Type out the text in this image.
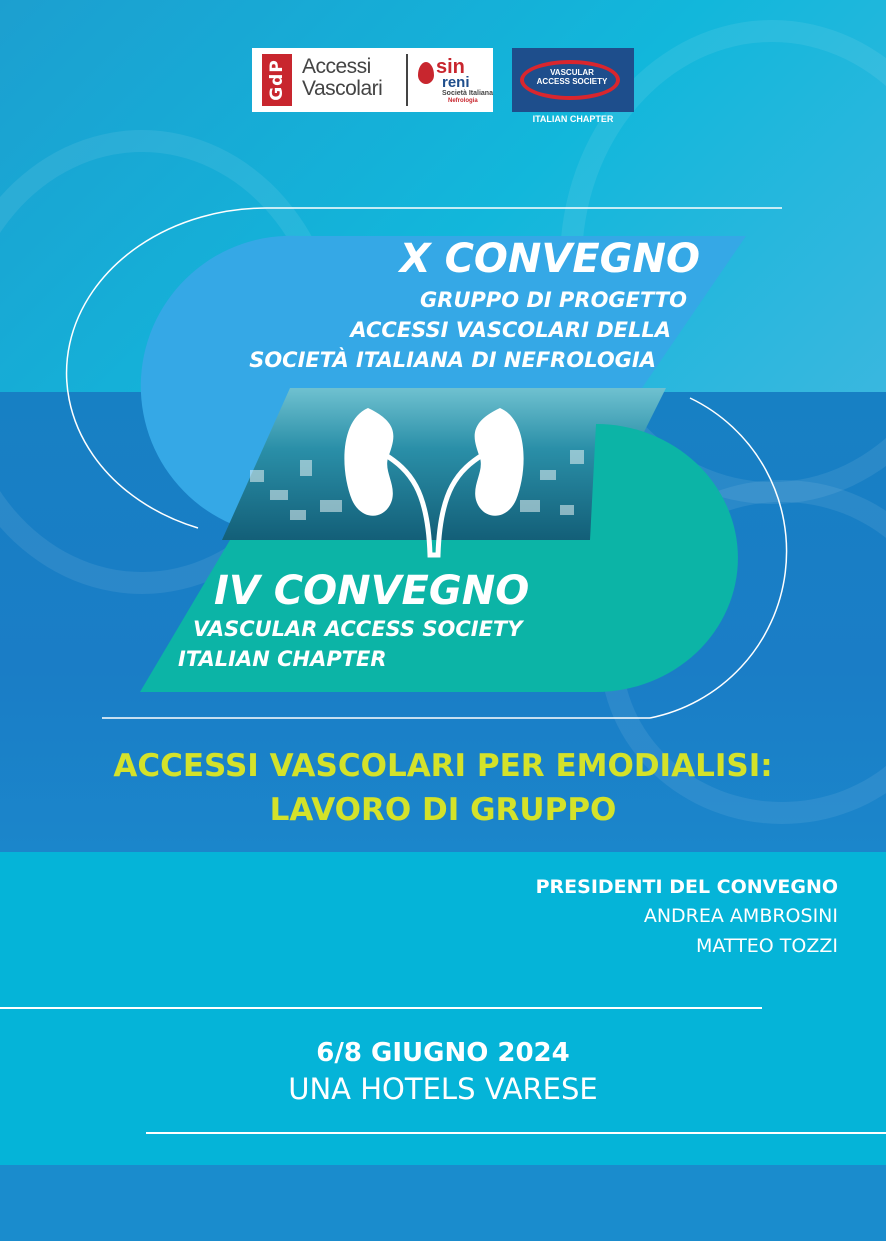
GdP Accessi
Vascolari
sin
reni
Società Italiana
Nefrologia
VASCULAR
ACCESS SOCIETY
ITALIAN CHAPTER
X CONVEGNO
GRUPPO DI PROGETTO
ACCESSI VASCOLARI DELLA
SOCIETÀ ITALIANA DI NEFROLOGIA
IV CONVEGNO
VASCULAR ACCESS SOCIETY
ITALIAN CHAPTER
ACCESSI VASCOLARI PER EMODIALISI:
LAVORO DI GRUPPO
PRESIDENTI DEL CONVEGNO
ANDREA AMBROSINI
MATTEO TOZZI
6/8 GIUGNO 2024
UNA HOTELS VARESE
